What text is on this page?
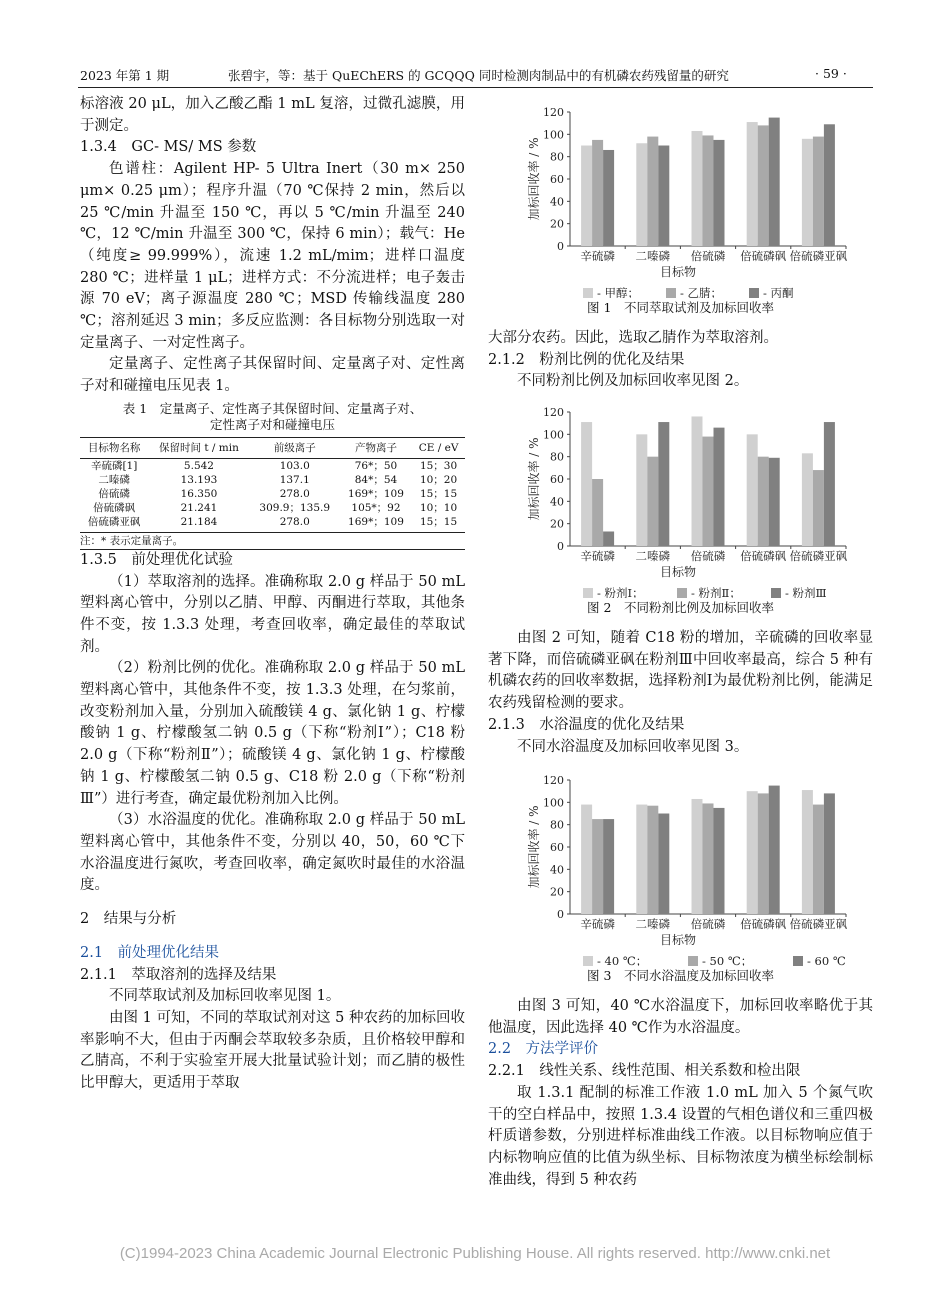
2023 年第 1 期	张碧宇，等：基于 QuEChERS 的 GCQQQ 同时检测肉制品中的有机磷农药残留量的研究	· 59 ·

标溶液 20 μL，加入乙酸乙酯 1 mL 复溶，过微孔滤膜，用于测定。

1.3.4　GC- MS/ MS 参数

色谱柱：Agilent HP- 5 Ultra Inert（30 m× 250 μm× 0.25 μm）；程序升温（70 ℃保持 2 min，然后以 25 ℃/min 升温至 150 ℃，再以 5 ℃/min 升温至 240 ℃，12 ℃/min 升温至 300 ℃，保持 6 min）；载气：He（纯度≥ 99.999%），流速 1.2 mL/mim；进样口温度 280 ℃；进样量 1 μL；进样方式：不分流进样；电子轰击源 70 eV；离子源温度 280 ℃；MSD 传输线温度 280 ℃；溶剂延迟 3 min；多反应监测：各目标物分别选取一对定量离子、一对定性离子。

定量离子、定性离子其保留时间、定量离子对、定性离子对和碰撞电压见表 1。

表 1　定量离子、定性离子其保留时间、定量离子对、
定性离子对和碰撞电压
目标物名称	保留时间 t / min	前级离子	产物离子	CE / eV
辛硫磷[1]	5.542	103.0	76*；50	15；30
二嗪磷	13.193	137.1	84*；54	10；20
倍硫磷	16.350	278.0	169*；109	15；15
倍硫磷砜	21.241	309.9；135.9	105*；92	10；10
倍硫磷亚砜	21.184	278.0	169*；109	15；15
注：* 表示定量离子。

1.3.5　前处理优化试验

（1）萃取溶剂的选择。准确称取 2.0 g 样品于 50 mL 塑料离心管中，分别以乙腈、甲醇、丙酮进行萃取，其他条件不变，按 1.3.3 处理，考查回收率，确定最佳的萃取试剂。

（2）粉剂比例的优化。准确称取 2.0 g 样品于 50 mL 塑料离心管中，其他条件不变，按 1.3.3 处理，在匀浆前，改变粉剂加入量，分别加入硫酸镁 4 g、氯化钠 1 g、柠檬酸钠 1 g、柠檬酸氢二钠 0.5 g（下称“粉剂Ⅰ”）；C18 粉 2.0 g（下称“粉剂Ⅱ”）；硫酸镁 4 g、氯化钠 1 g、柠檬酸钠 1 g、柠檬酸氢二钠 0.5 g、C18 粉 2.0 g（下称“粉剂Ⅲ”）进行考查，确定最优粉剂加入比例。

（3）水浴温度的优化。准确称取 2.0 g 样品于 50 mL 塑料离心管中，其他条件不变，分别以 40，50，60 ℃下水浴温度进行氮吹，考查回收率，确定氮吹时最佳的水浴温度。

2　结果与分析

2.1　前处理优化结果

2.1.1　萃取溶剂的选择及结果

不同萃取试剂及加标回收率见图 1。

由图 1 可知，不同的萃取试剂对这 5 种农药的加标回收率影响不大，但由于丙酮会萃取较多杂质，且价格较甲醇和乙腈高，不利于实验室开展大批量试验计划；而乙腈的极性比甲醇大，更适用于萃取

0
20
40
60
80
100
120
加标回收率 / %
辛硫磷 二嗪磷 倍硫磷 倍硫磷砜 倍硫磷亚砜
目标物
- 甲醇；	- 乙腈；	- 丙酮
图 1　不同萃取试剂及加标回收率
0
20
40
60
80
100
120
加标回收率 / %
辛硫磷 二嗪磷 倍硫磷 倍硫磷砜 倍硫磷亚砜
目标物
- 粉剂Ⅰ；	- 粉剂Ⅱ；	- 粉剂Ⅲ
图 2　不同粉剂比例及加标回收率
0
20
40
60
80
100
120
加标回收率 / %
辛硫磷 二嗪磷 倍硫磷 倍硫磷砜 倍硫磷亚砜
目标物
- 40 ℃；	- 50 ℃；	- 60 ℃
图 3　不同水浴温度及加标回收率

大部分农药。因此，选取乙腈作为萃取溶剂。

2.1.2　粉剂比例的优化及结果

不同粉剂比例及加标回收率见图 2。

由图 2 可知，随着 C18 粉的增加，辛硫磷的回收率显著下降，而倍硫磷亚砜在粉剂Ⅲ中回收率最高，综合 5 种有机磷农药的回收率数据，选择粉剂Ⅰ为最优粉剂比例，能满足农药残留检测的要求。

2.1.3　水浴温度的优化及结果

不同水浴温度及加标回收率见图 3。

由图 3 可知，40 ℃水浴温度下，加标回收率略优于其他温度，因此选择 40 ℃作为水浴温度。

2.2　方法学评价

2.2.1　线性关系、线性范围、相关系数和检出限

取 1.3.1 配制的标准工作液 1.0 mL 加入 5 个氮气吹干的空白样品中，按照 1.3.4 设置的气相色谱仪和三重四极杆质谱参数，分别进样标准曲线工作液。以目标物响应值于内标物响应值的比值为纵坐标、目标物浓度为横坐标绘制标准曲线，得到 5 种农药

(C)1994-2023 China Academic Journal Electronic Publishing House. All rights reserved. http://www.cnki.net
